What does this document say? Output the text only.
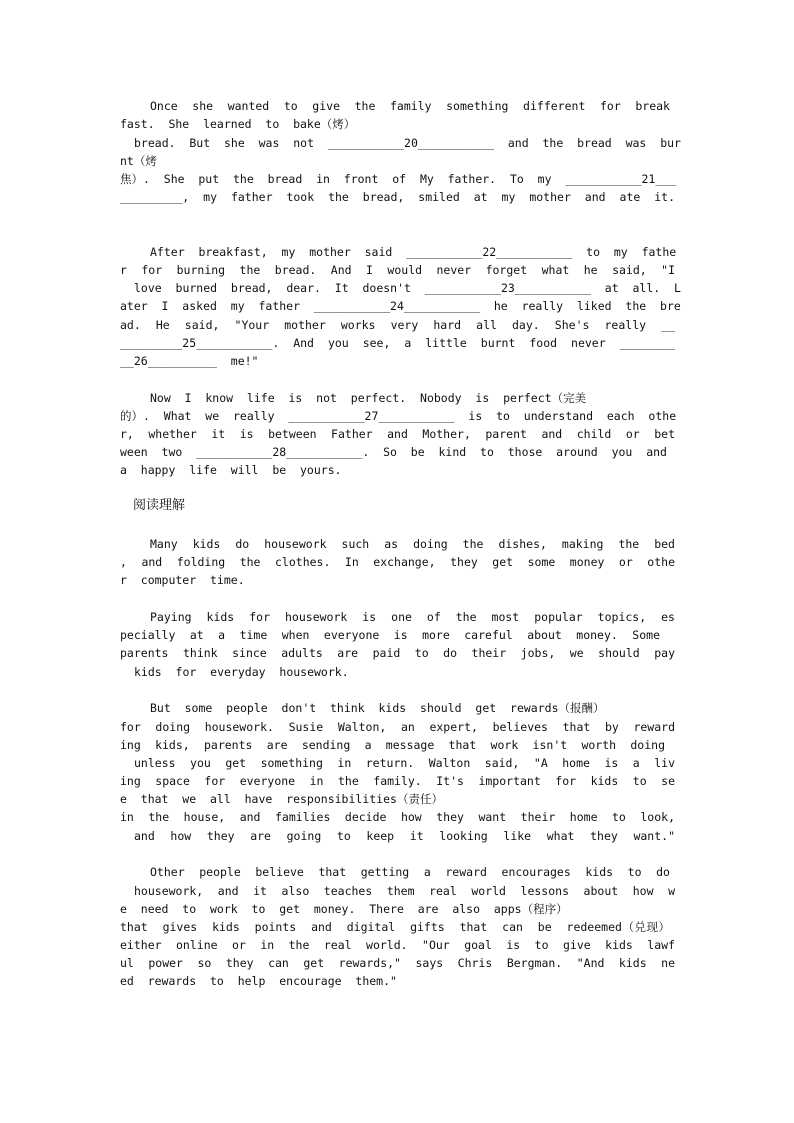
Once  she  wanted  to  give  the  family  something  different  for  break
fast.  She  learned  to  bake（烤）
bread.  But  she  was  not  ___________20___________  and  the  bread  was  bur
nt（烤
焦）.  She  put  the  bread  in  front  of  My  father.  To  my  ___________21___
_________,  my  father  took  the  bread,  smiled  at  my  mother  and  ate  it.
After  breakfast,  my  mother  said  ___________22___________  to  my  fathe
r  for  burning  the  bread.  And  I  would  never  forget  what  he  said,  "I
love  burned  bread,  dear.  It  doesn't  ___________23___________  at  all.  L
ater  I  asked  my  father  ___________24___________  he  really  liked  the  bre
ad.  He  said,  "Your  mother  works  very  hard  all  day.  She's  really  __
_________25___________.  And  you  see,  a  little  burnt  food  never  ________
__26__________  me!"
Now  I  know  life  is  not  perfect.  Nobody  is  perfect（完美
的）.  What  we  really  ___________27___________  is  to  understand  each  othe
r,  whether  it  is  between  Father  and  Mother,  parent  and  child  or  bet
ween  two  ___________28___________.  So  be  kind  to  those  around  you  and
a  happy  life  will  be  yours.
阅读理解
Many  kids  do  housework  such  as  doing  the  dishes,  making  the  bed
,  and  folding  the  clothes.  In  exchange,  they  get  some  money  or  othe
r  computer  time.
Paying  kids  for  housework  is  one  of  the  most  popular  topics,  es
pecially  at  a  time  when  everyone  is  more  careful  about  money.  Some
parents  think  since  adults  are  paid  to  do  their  jobs,  we  should  pay
kids  for  everyday  housework.
But  some  people  don't  think  kids  should  get  rewards（报酬）
for  doing  housework.  Susie  Walton,  an  expert,  believes  that  by  reward
ing  kids,  parents  are  sending  a  message  that  work  isn't  worth  doing
unless  you  get  something  in  return.  Walton  said,  "A  home  is  a  liv
ing  space  for  everyone  in  the  family.  It's  important  for  kids  to  se
e  that  we  all  have  responsibilities（责任）
in  the  house,  and  families  decide  how  they  want  their  home  to  look,
and  how  they  are  going  to  keep  it  looking  like  what  they  want."
Other  people  believe  that  getting  a  reward  encourages  kids  to  do
housework,  and  it  also  teaches  them  real  world  lessons  about  how  w
e  need  to  work  to  get  money.  There  are  also  apps（程序）
that  gives  kids  points  and  digital  gifts  that  can  be  redeemed（兑现）
either  online  or  in  the  real  world.  "Our  goal  is  to  give  kids  lawf
ul  power  so  they  can  get  rewards,"  says  Chris  Bergman.  "And  kids  ne
ed  rewards  to  help  encourage  them."
